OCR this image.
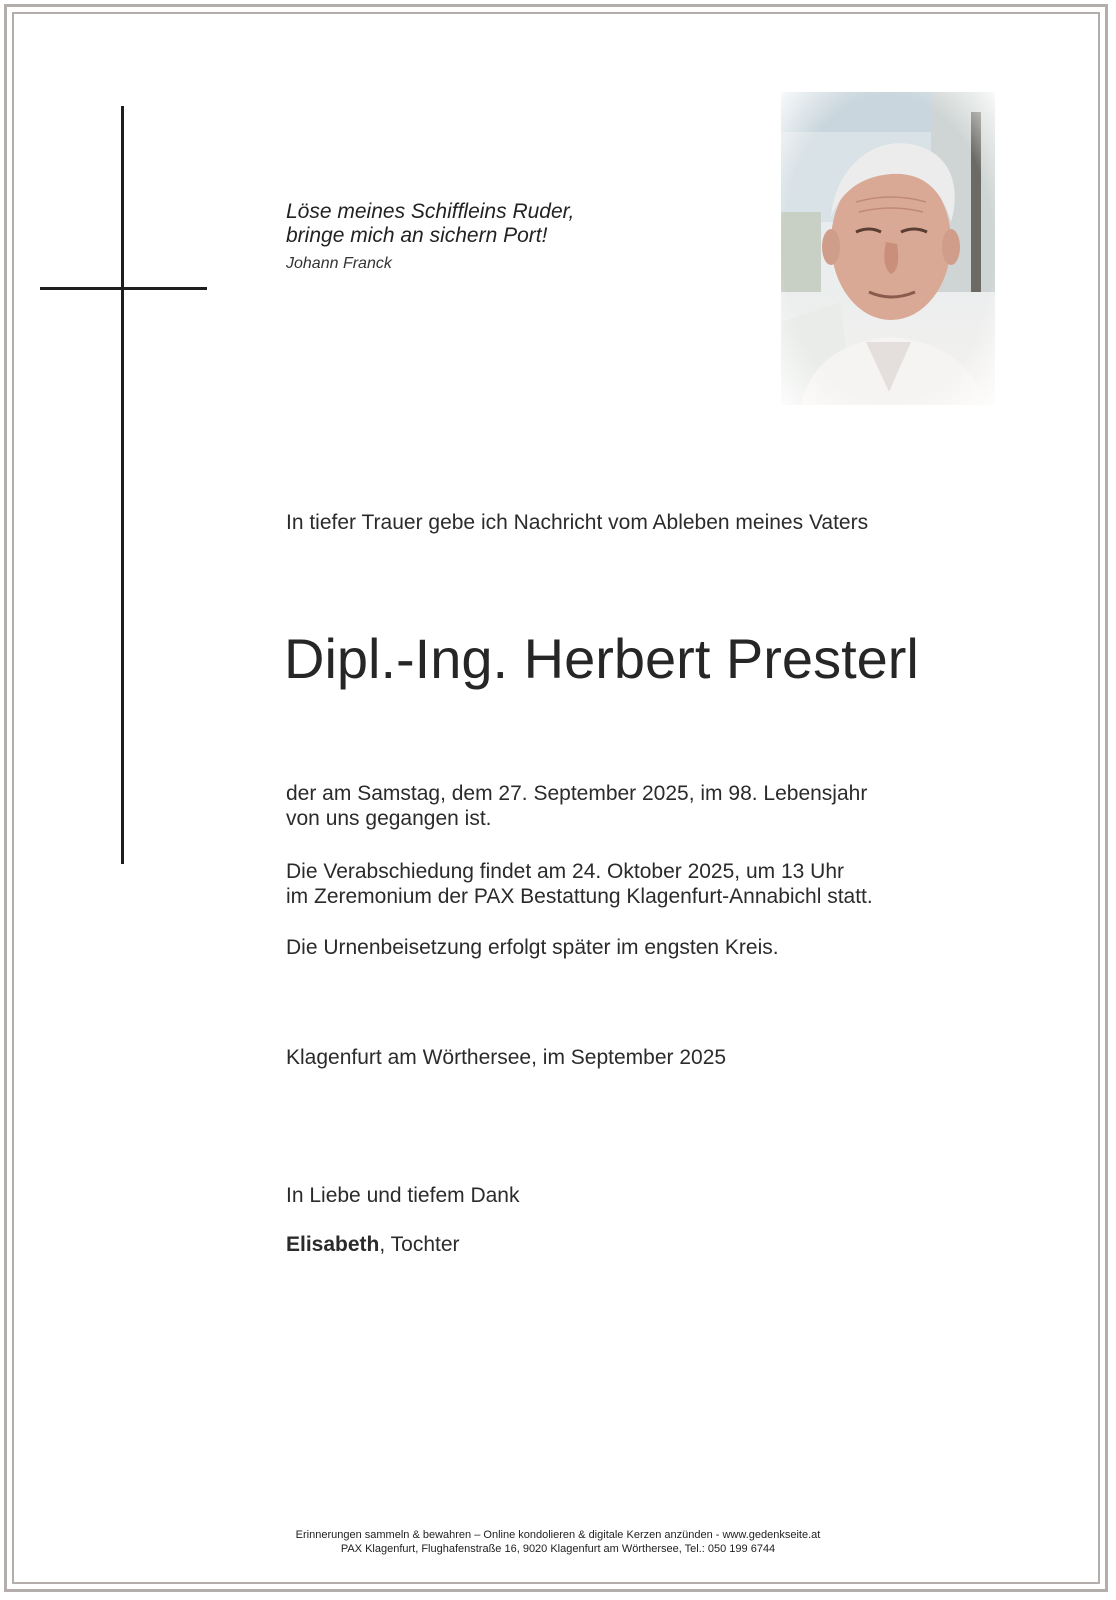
Löse meines Schiffleins Ruder,
bringe mich an sichern Port!
Johann Franck
In tiefer Trauer gebe ich Nachricht vom Ableben meines Vaters
Dipl.-Ing. Herbert Presterl
der am Samstag, dem 27. September 2025, im 98. Lebensjahr
von uns gegangen ist.
Die Verabschiedung findet am 24. Oktober 2025, um 13 Uhr
im Zeremonium der PAX Bestattung Klagenfurt-Annabichl statt.
Die Urnenbeisetzung erfolgt später im engsten Kreis.
Klagenfurt am Wörthersee, im September 2025
In Liebe und tiefem Dank
Elisabeth, Tochter
Erinnerungen sammeln & bewahren – Online kondolieren & digitale Kerzen anzünden - www.gedenkseite.at
PAX Klagenfurt, Flughafenstraße 16, 9020 Klagenfurt am Wörthersee, Tel.: 050 199 6744
